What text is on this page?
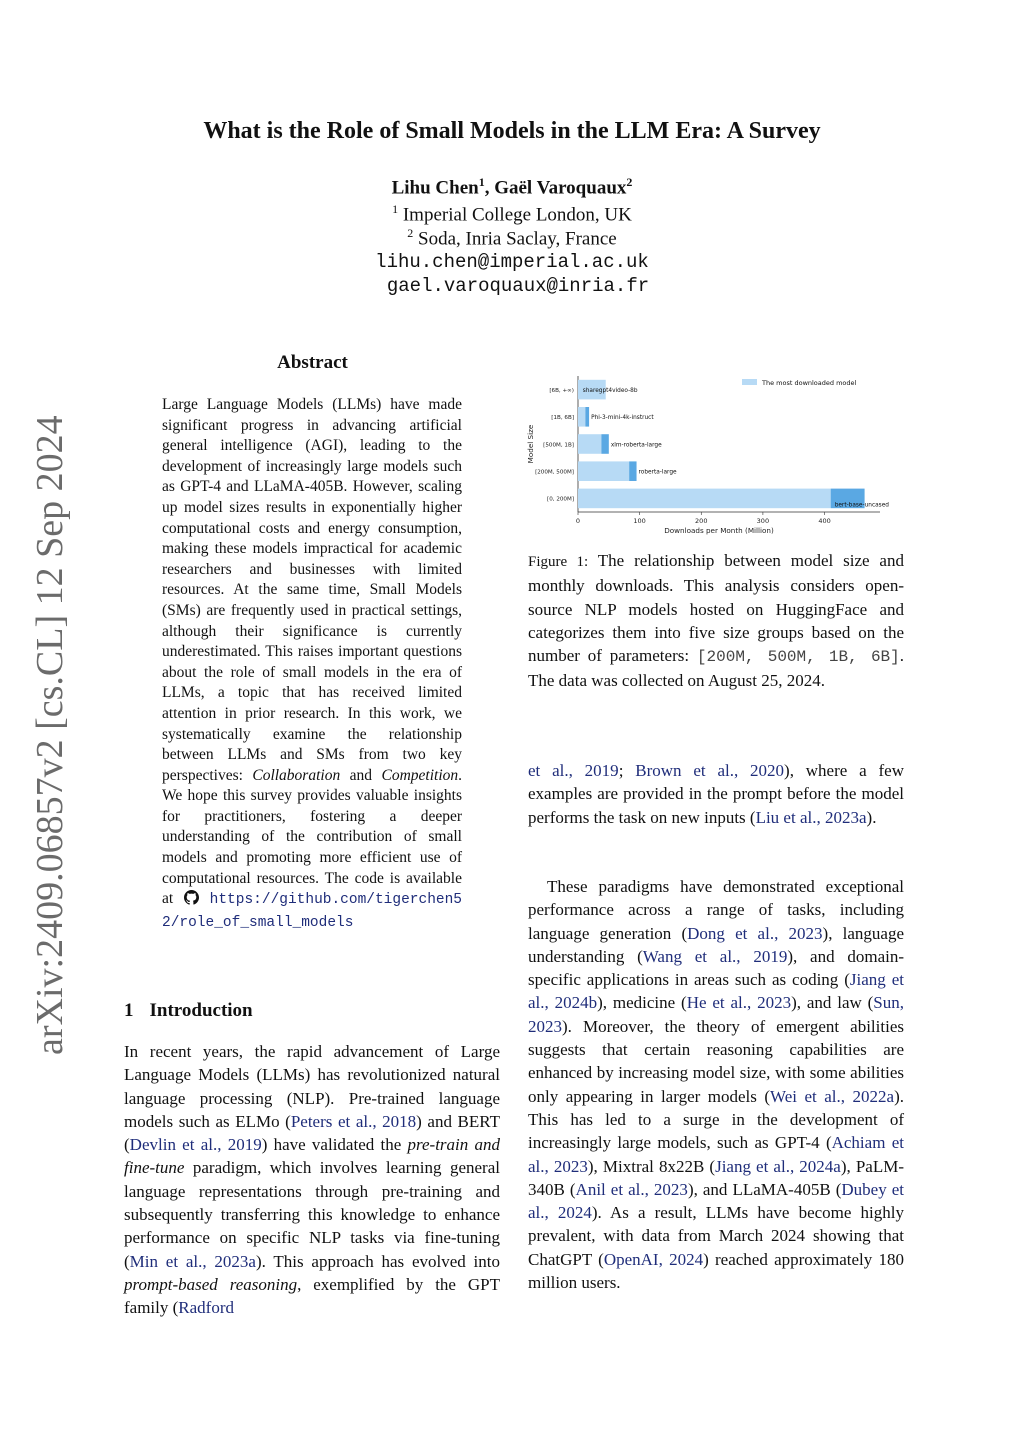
arXiv:2409.06857v2 [cs.CL] 12 Sep 2024
What is the Role of Small Models in the LLM Era: A Survey
Lihu Chen$^1$, Gaël Varoquaux$^2$
$^1$ Imperial College London, UK
$^2$ Soda, Inria Saclay, France
lihu.chen@imperial.ac.uk
gael.varoquaux@inria.fr
Abstract
Large Language Models (LLMs) have made significant progress in advancing artificial general intelligence (AGI), leading to the development of increasingly large models such as GPT-4 and LLaMA-405B. However, scaling up model sizes results in exponentially higher computational costs and energy consumption, making these models impractical for academic researchers and businesses with limited resources. At the same time, Small Models (SMs) are frequently used in practical settings, although their significance is currently underestimated. This raises important questions about the role of small models in the era of LLMs, a topic that has received limited attention in prior research. In this work, we systematically examine the relationship between LLMs and SMs from two key perspectives: Collaboration and Competition. We hope this survey provides valuable insights for practitioners, fostering a deeper understanding of the contribution of small models and promoting more efficient use of computational resources. The code is available at  https://github.com/tigerchen52/role_of_small_models
1 Introduction
In recent years, the rapid advancement of Large Language Models (LLMs) has revolutionized natural language processing (NLP). Pre-trained language models such as ELMo (Peters et al., 2018) and BERT (Devlin et al., 2019) have validated the pre-train and fine-tune paradigm, which involves learning general language representations through pre-training and subsequently transferring this knowledge to enhance performance on specific NLP tasks via fine-tuning (Min et al., 2023a). This approach has evolved into prompt-based reasoning, exemplified by the GPT family (Radford
0	100	200	300	400
Downloads per Month (Million)
Model Size
[0, 200M]
bert-base-uncased
[200M, 500M]	roberta-large
[500M, 1B]	xlm-roberta-large
[1B, 6B]	Phi-3-mini-4k-instruct
[6B, +∞) sharegpt4video-8b
The most downloaded model
Figure 1: The relationship between model size and monthly downloads. This analysis considers open-source NLP models hosted on HuggingFace and categorizes them into five size groups based on the number of parameters: [200M, 500M, 1B, 6B]. The data was collected on August 25, 2024.
et al., 2019; Brown et al., 2020), where a few examples are provided in the prompt before the model performs the task on new inputs (Liu et al., 2023a).
These paradigms have demonstrated exceptional performance across a range of tasks, including language generation (Dong et al., 2023), language understanding (Wang et al., 2019), and domain-specific applications in areas such as coding (Jiang et al., 2024b), medicine (He et al., 2023), and law (Sun, 2023). Moreover, the theory of emergent abilities suggests that certain reasoning capabilities are enhanced by increasing model size, with some abilities only appearing in larger models (Wei et al., 2022a). This has led to a surge in the development of increasingly large models, such as GPT-4 (Achiam et al., 2023), Mixtral 8x22B (Jiang et al., 2024a), PaLM-340B (Anil et al., 2023), and LLaMA-405B (Dubey et al., 2024). As a result, LLMs have become highly prevalent, with data from March 2024 showing that ChatGPT (OpenAI, 2024) reached approximately 180 million users.
